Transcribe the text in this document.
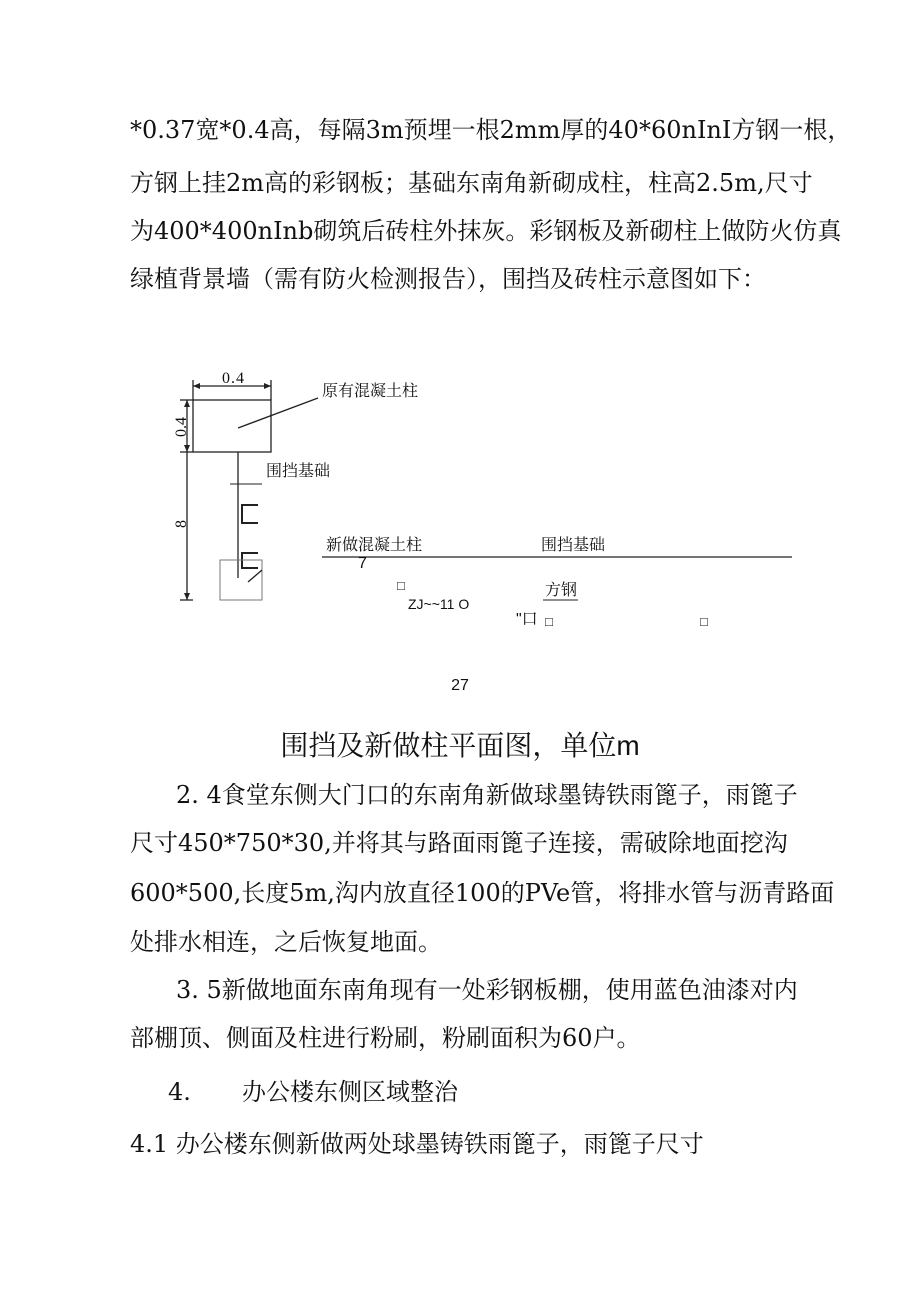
*0.37宽*0.4高，每隔3m预埋一根2mm厚的40*60nInI方钢一根，
方钢上挂2m高的彩钢板；基础东南角新砌成柱，柱高2.5m,尺寸
为400*400nInb砌筑后砖柱外抹灰。彩钢板及新砌柱上做防火仿真
绿植背景墙（需有防火检测报告），围挡及砖柱示意图如下：
0.4
0.4
8
原有混凝土柱
围挡基础
新做混凝土柱	围挡基础
7
□	方钢
ZJ~~11 O
"口 □	□
27
围挡及新做柱平面图，单位m
2. 4食堂东侧大门口的东南角新做球墨铸铁雨篦子，雨篦子
尺寸450*750*30,并将其与路面雨篦子连接，需破除地面挖沟
600*500,长度5m,沟内放直径100的PVe管，将排水管与沥青路面
处排水相连，之后恢复地面。
3. 5新做地面东南角现有一处彩钢板棚，使用蓝色油漆对内
部棚顶、侧面及柱进行粉刷，粉刷面积为60户。
4. 办公楼东侧区域整治
4.1 办公楼东侧新做两处球墨铸铁雨篦子，雨篦子尺寸
